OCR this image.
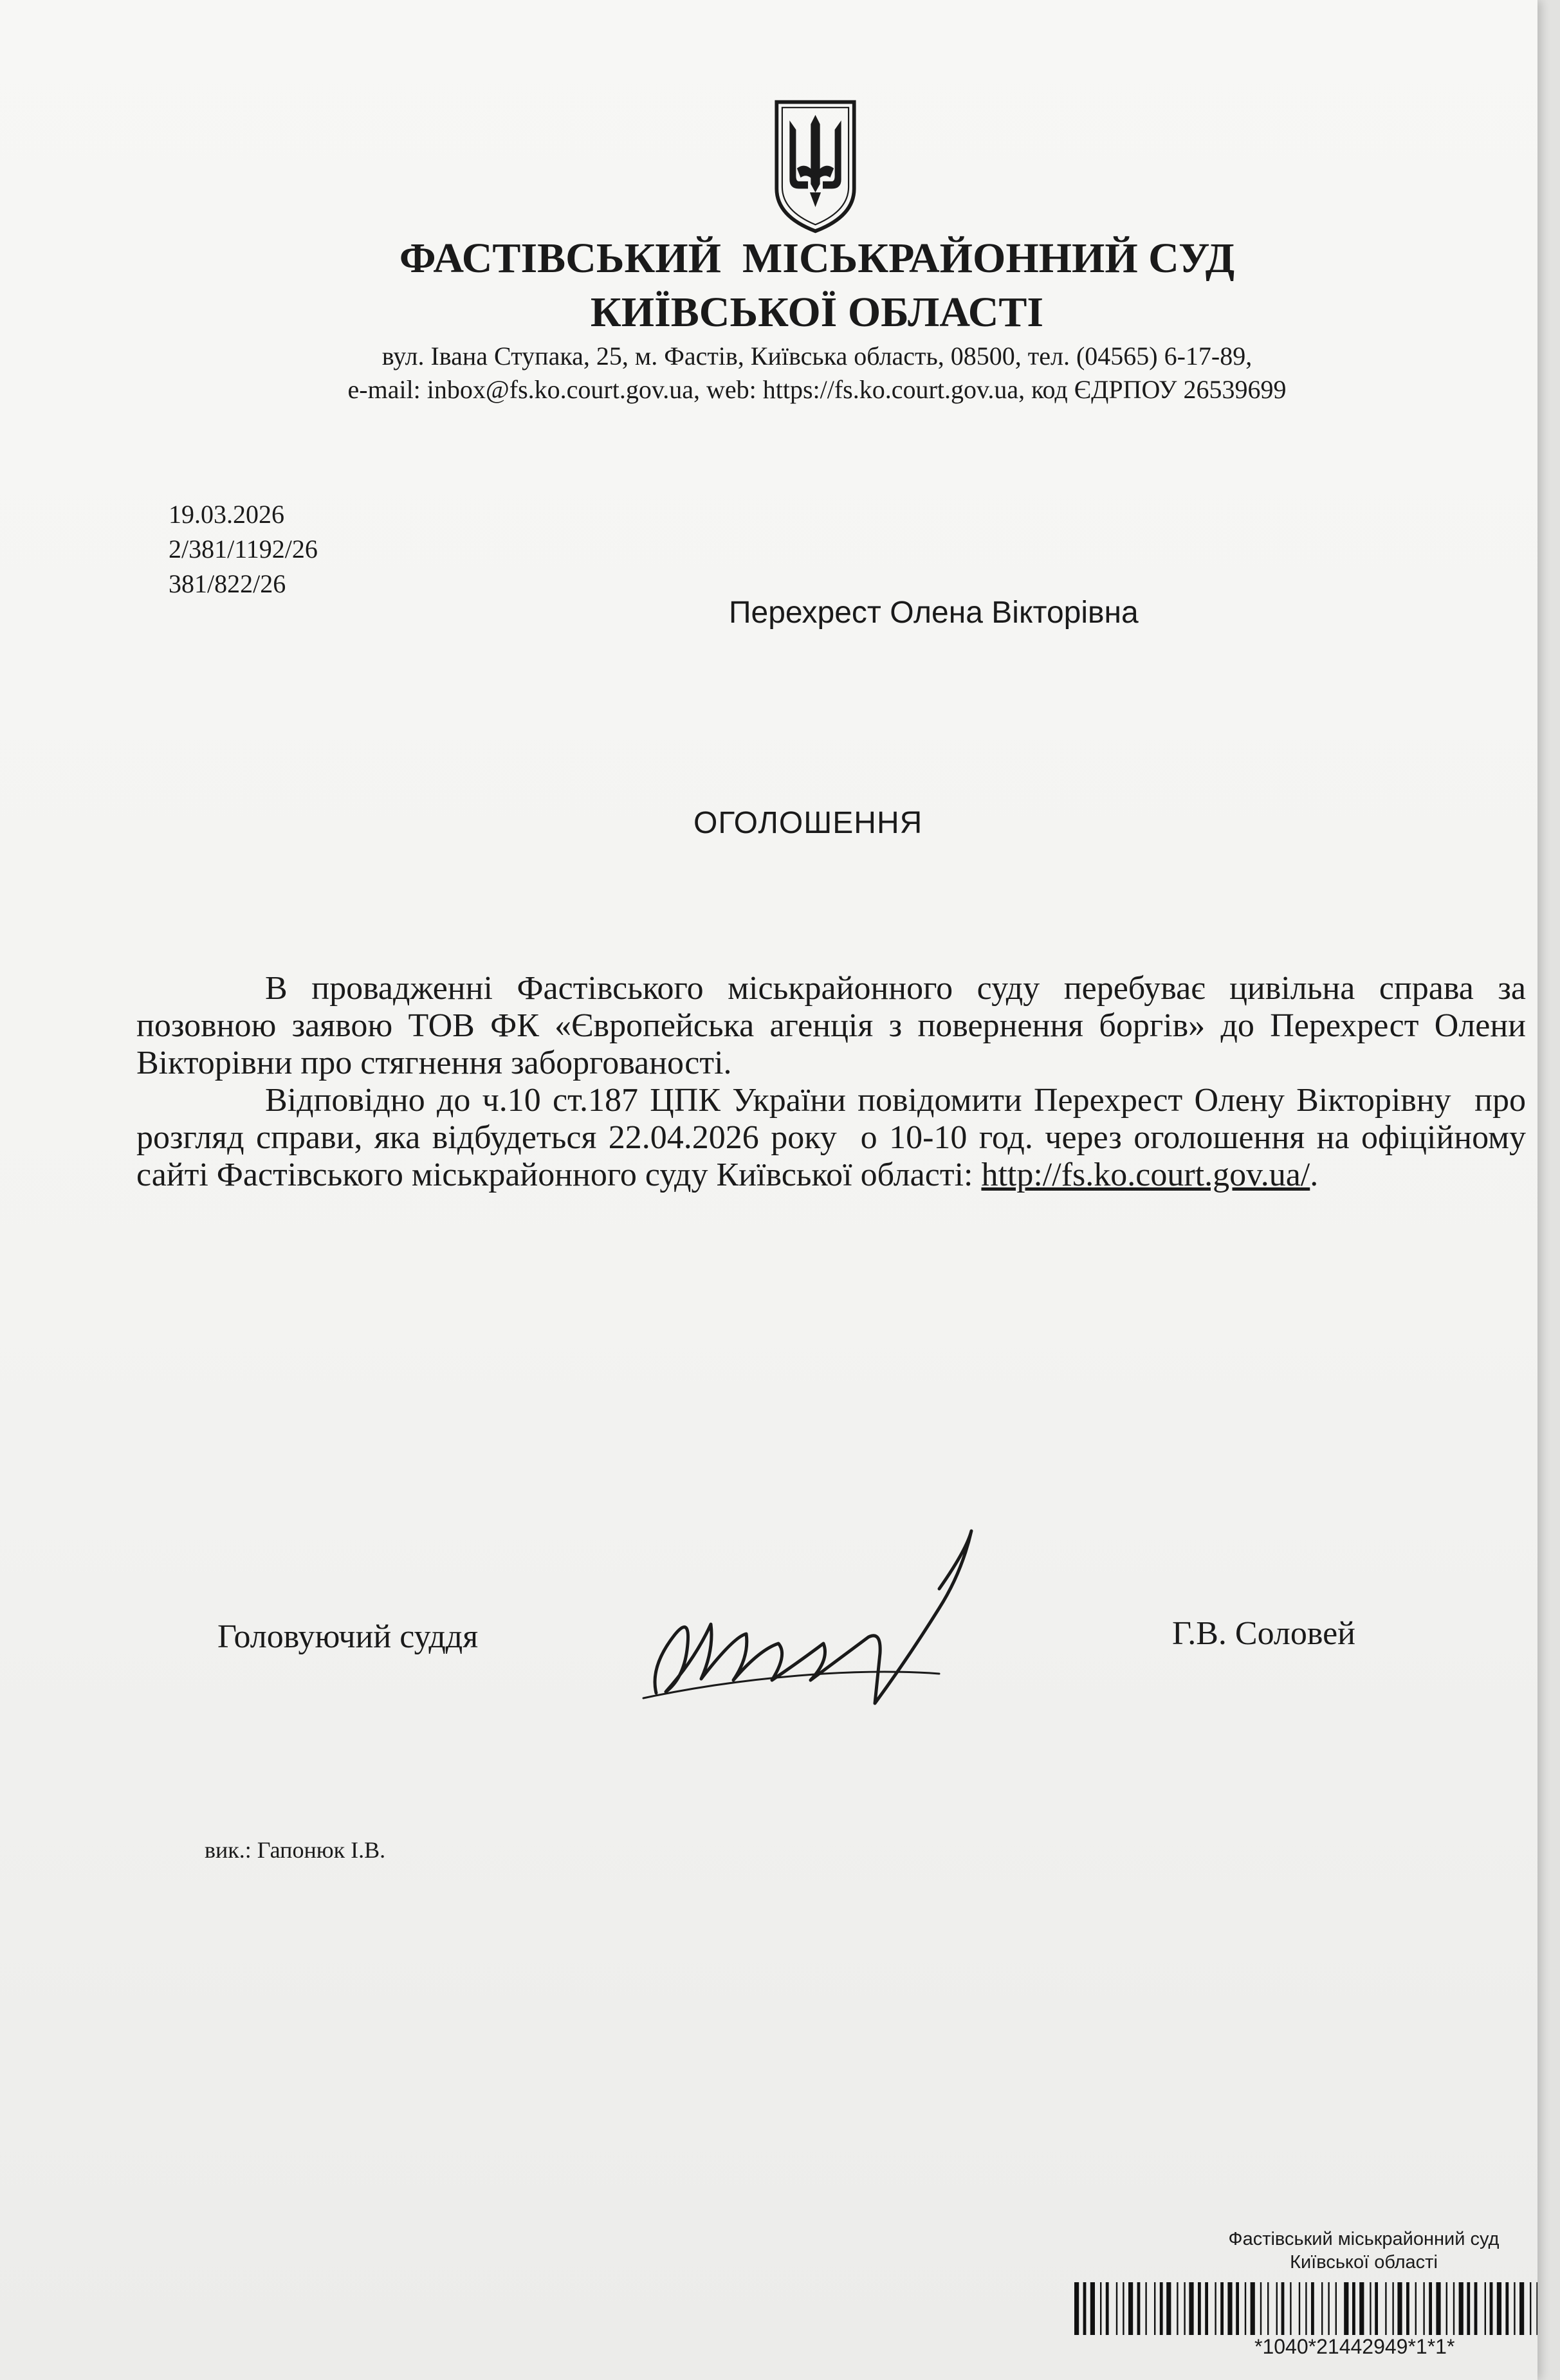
ФАСТІВСЬКИЙ  МІСЬКРАЙОННИЙ СУД
КИЇВСЬКОЇ ОБЛАСТІ
вул. Івана Ступака, 25, м. Фастів, Київська область, 08500, тел. (04565) 6-17-89,
e-mail: inbox@fs.ko.court.gov.ua, web: https://fs.ko.court.gov.ua, код ЄДРПОУ 26539699
19.03.2026
2/381/1192/26
381/822/26
Перехрест Олена Вікторівна
ОГОЛОШЕННЯ

В провадженні Фастівського міськрайонного суду перебуває цивільна справа за позовною заявою ТОВ ФК «Європейська агенція з повернення боргів» до Перехрест Олени Вікторівни про стягнення заборгованості.

Відповідно до ч.10 ст.187 ЦПК України повідомити Перехрест Олену Вікторівну  про розгляд справи, яка відбудеться 22.04.2026 року  о 10-10 год. через оголошення на офіційному сайті Фастівського міськрайонного суду Київської області: http://fs.ko.court.gov.ua/.

Головуючий суддя	Г.В. Соловей
вик.: Гапонюк І.В.
Фастівський міськрайонний суд
Київської області
*1040*21442949*1*1*
